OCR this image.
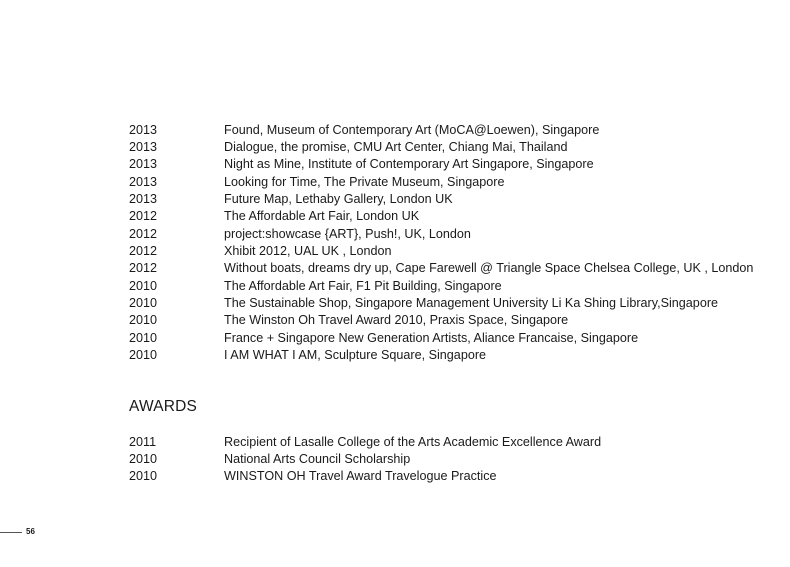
2013	Found, Museum of Contemporary Art (MoCA@Loewen), Singapore
2013	Dialogue, the promise, CMU Art Center, Chiang Mai, Thailand
2013	Night as Mine, Institute of Contemporary Art Singapore, Singapore
2013	Looking for Time, The Private Museum, Singapore
2013	Future Map, Lethaby Gallery, London UK
2012	The Affordable Art Fair, London UK
2012	project:showcase {ART}, Push!, UK, London
2012	Xhibit 2012, UAL UK , London
2012	Without boats, dreams dry up, Cape Farewell @ Triangle Space Chelsea College, UK , London
2010	The Affordable Art Fair, F1 Pit Building, Singapore
2010	The Sustainable Shop, Singapore Management University Li Ka Shing Library,Singapore
2010	The Winston Oh Travel Award 2010, Praxis Space, Singapore
2010	France + Singapore New Generation Artists, Aliance Francaise, Singapore
2010	I AM WHAT I AM, Sculpture Square, Singapore
AWARDS
2011	Recipient of Lasalle College of the Arts Academic Excellence Award
2010	National Arts Council Scholarship
2010	WINSTON OH Travel Award Travelogue Practice
56
